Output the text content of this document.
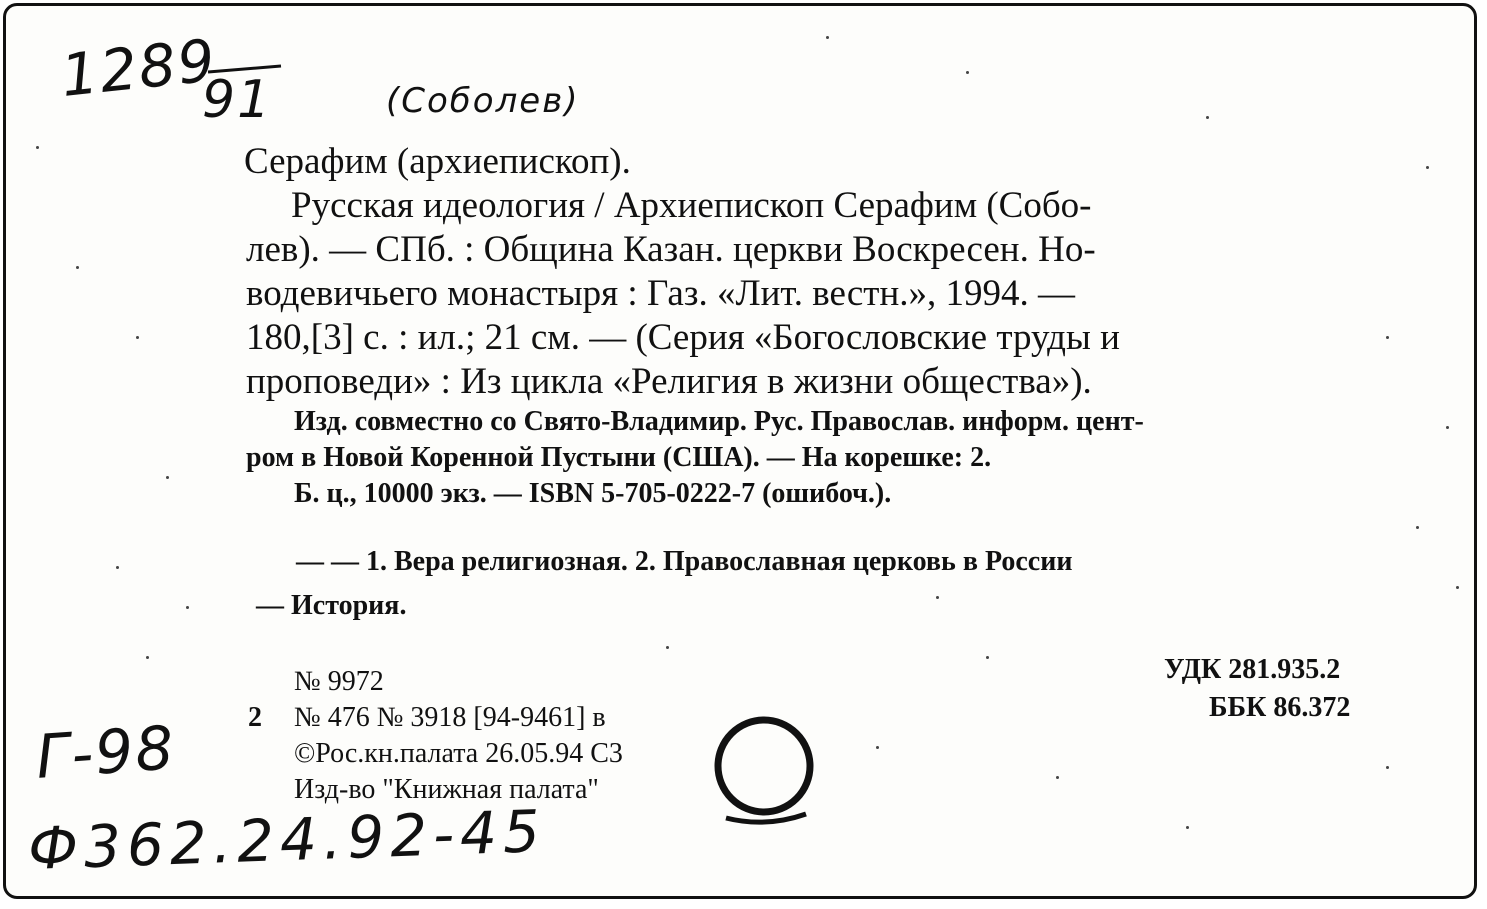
1289
91	(Соболев)
Г-98
Ф362.24.92-45
Серафим (архиепископ).
Русская идеология / Архиепископ Серафим (Собо-
лев). — СПб. : Община Казан. церкви Воскресен. Но-
водевичьего монастыря : Газ. «Лит. вестн.», 1994. —
180,[3] с. : ил.; 21 см. — (Серия «Богословские труды и
проповеди» : Из цикла «Религия в жизни общества»).
Изд. совместно со Свято-Владимир. Рус. Православ. информ. цент-
ром в Новой Коренной Пустыни (США). — На корешке: 2.
Б. ц., 10000 экз. — ISBN 5-705-0222-7 (ошибоч.).
— — 1. Вера религиозная. 2. Православная церковь в России
— История.
№ 9972
2 № 476 № 3918 [94-9461] в
©Рос.кн.палата 26.05.94 С3
Изд-во "Книжная палата"
УДК 281.935.2
ББК 86.372
